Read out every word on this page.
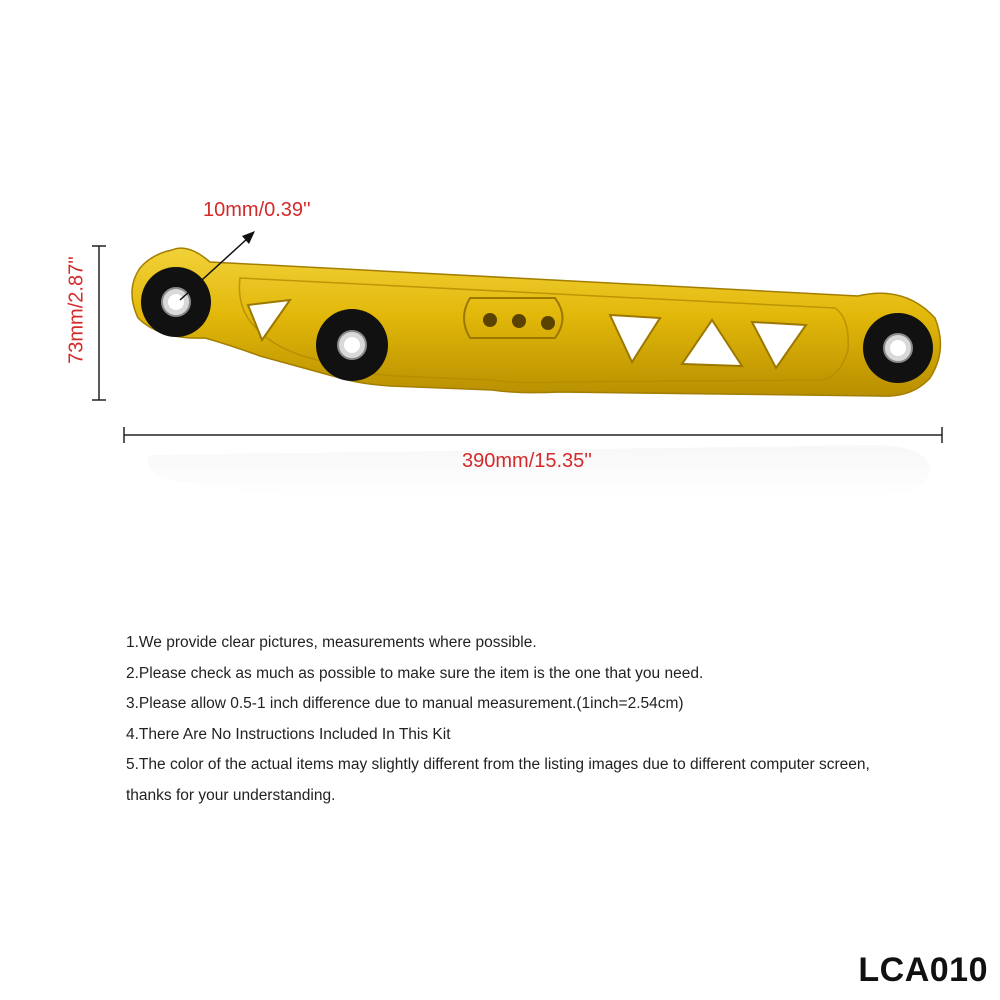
10mm/0.39''
73mm/2.87''
390mm/15.35''

1.We provide clear pictures, measurements where possible.

2.Please check as much as possible to make sure the item is the one that you need.

3.Please allow 0.5-1 inch difference due to manual measurement.(1inch=2.54cm)

4.There Are No Instructions Included In This Kit

5.The color of the actual items may slightly different from the listing images due to different computer screen,

thanks for your understanding.

LCA010
